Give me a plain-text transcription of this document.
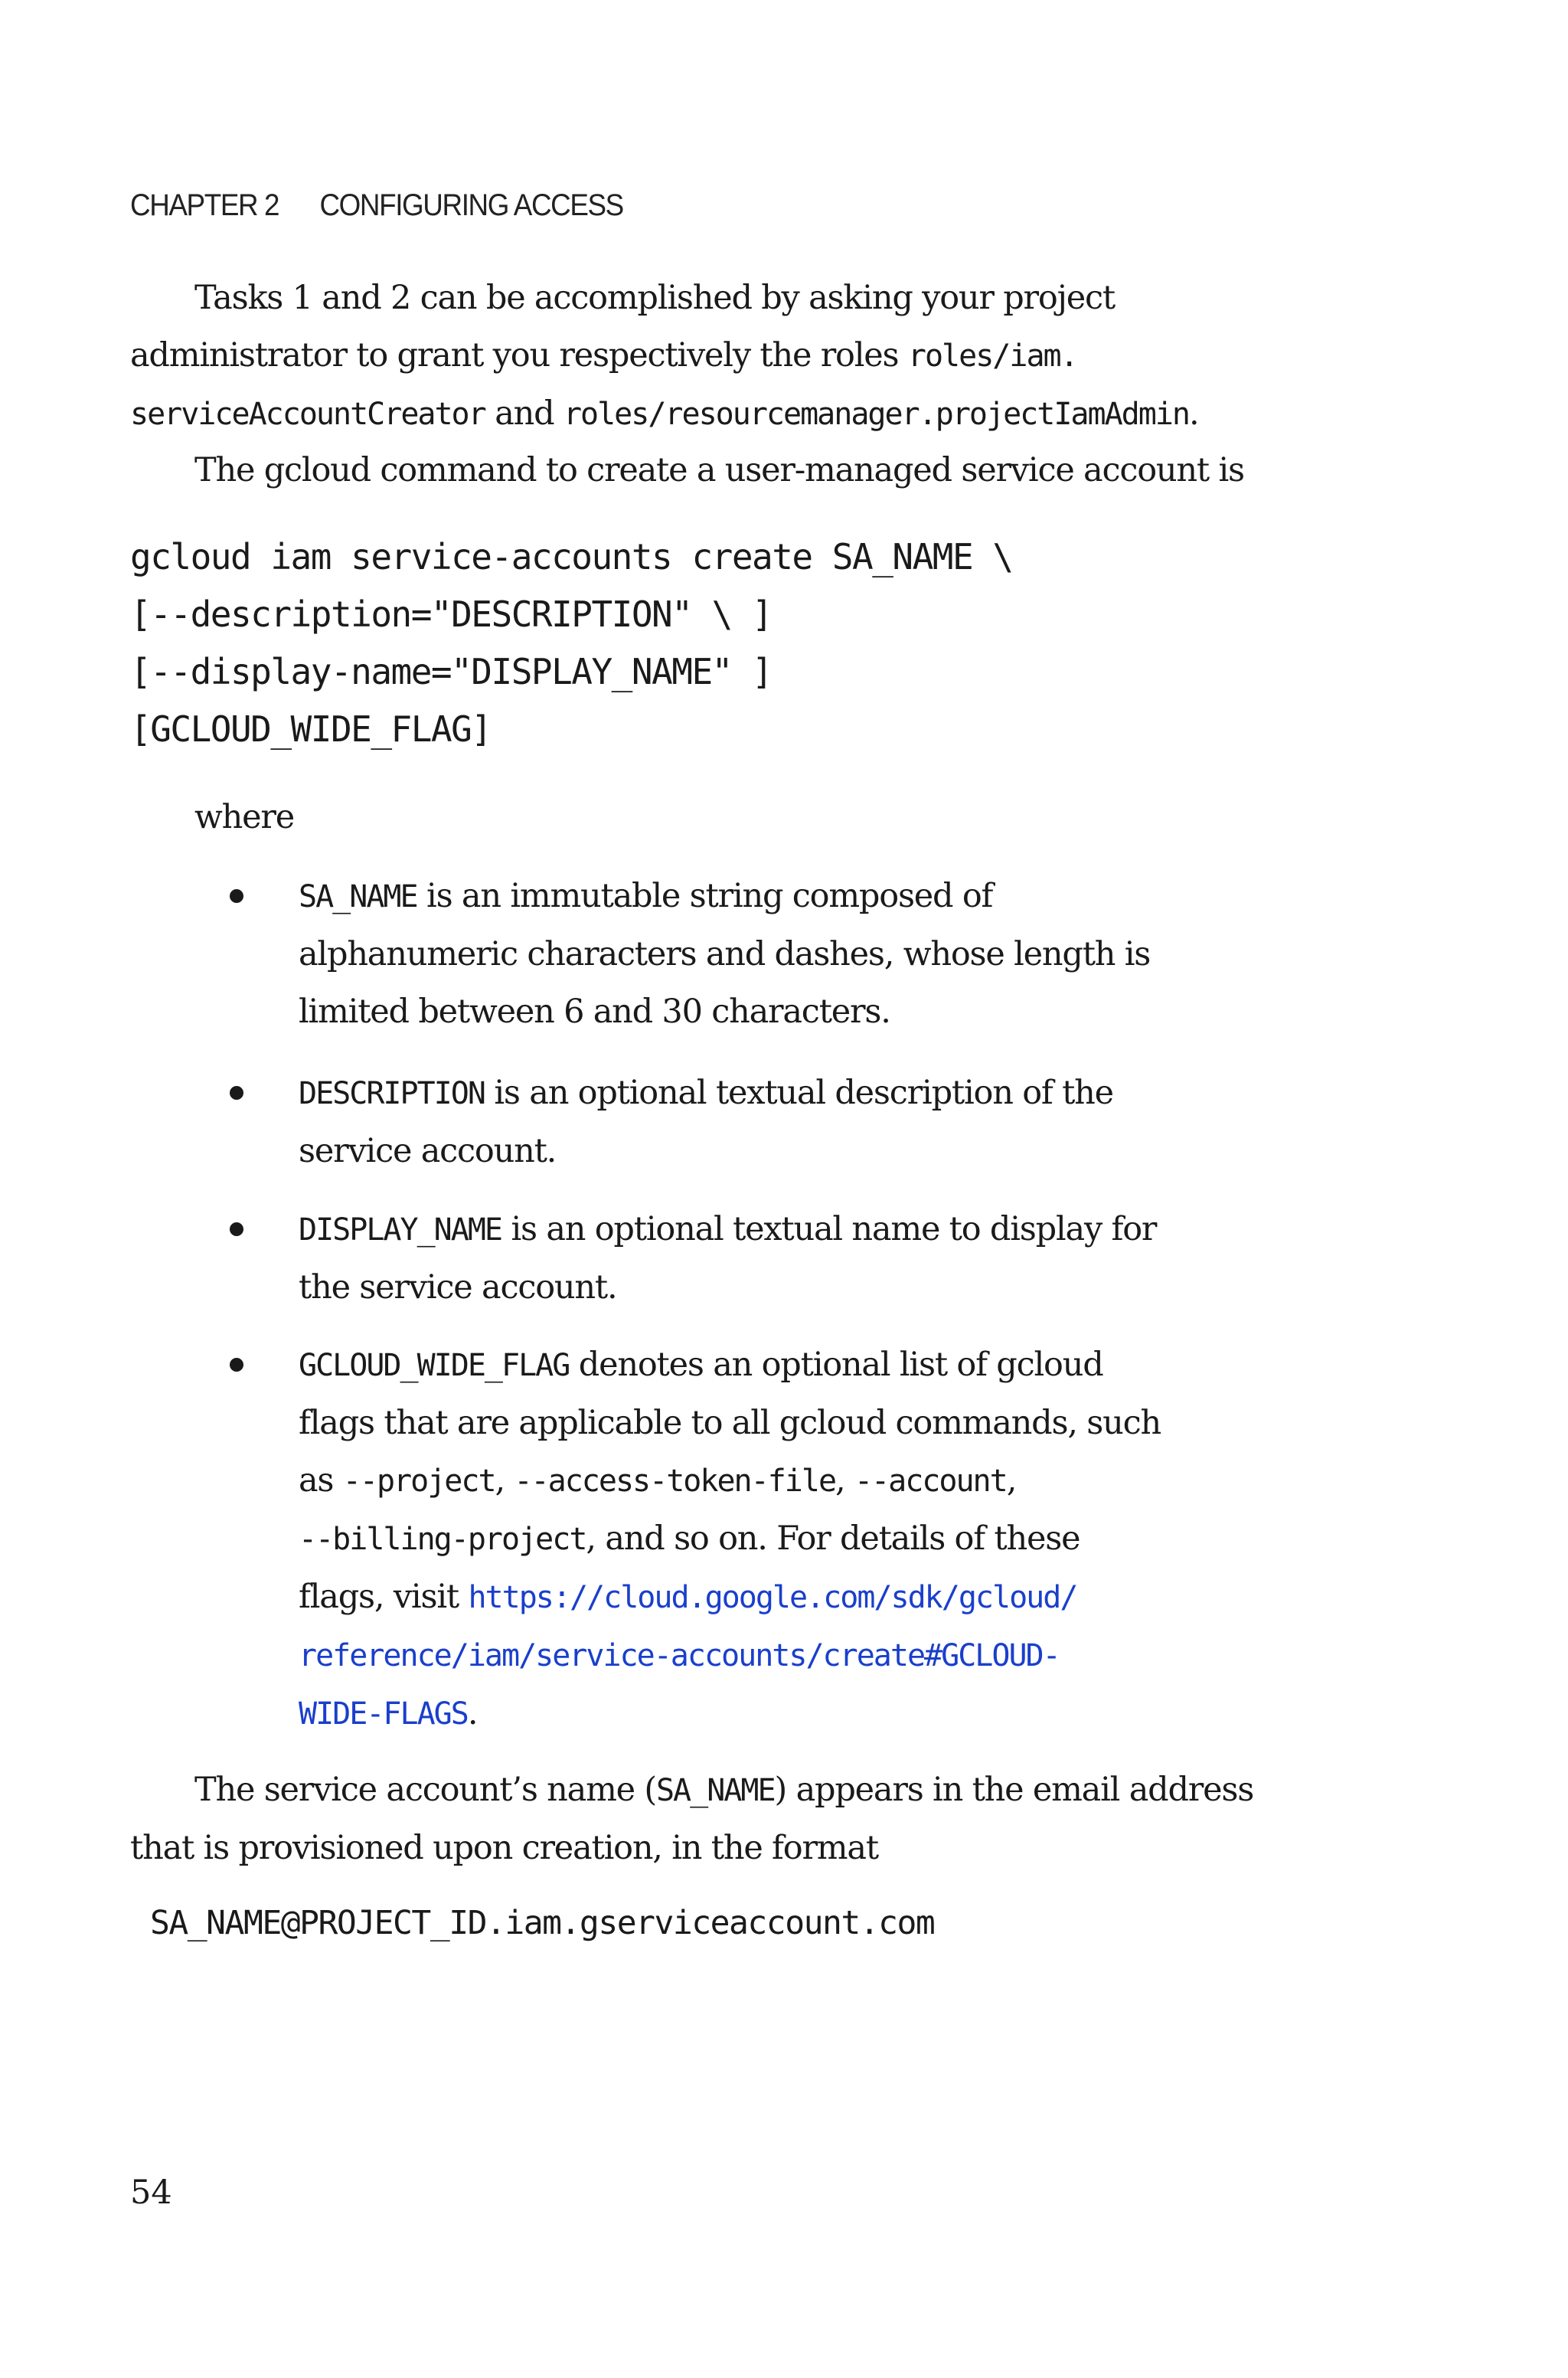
CHAPTER 2 CONFIGURING ACCESS
Tasks 1 and 2 can be accomplished by asking your project
administrator to grant you respectively the roles roles/iam.
serviceAccountCreator and roles/resourcemanager.projectIamAdmin.
The gcloud command to create a user-managed service account is
gcloud iam service-accounts create SA_NAME \
[--description="DESCRIPTION" \ ]
[--display-name="DISPLAY_NAME" ]
[GCLOUD_WIDE_FLAG]
where
SA_NAME is an immutable string composed of
alphanumeric characters and dashes, whose length is
limited between 6 and 30 characters.
DESCRIPTION is an optional textual description of the
service account.
DISPLAY_NAME is an optional textual name to display for
the service account.
GCLOUD_WIDE_FLAG denotes an optional list of gcloud
flags that are applicable to all gcloud commands, such
as --project, --access-token-file, --account,
--billing-project, and so on. For details of these
flags, visit https://cloud.google.com/sdk/gcloud/
reference/iam/service-accounts/create#GCLOUD-
WIDE-FLAGS.
The service account’s name (SA_NAME) appears in the email address
that is provisioned upon creation, in the format
SA_NAME@PROJECT_ID.iam.gserviceaccount.com
54
